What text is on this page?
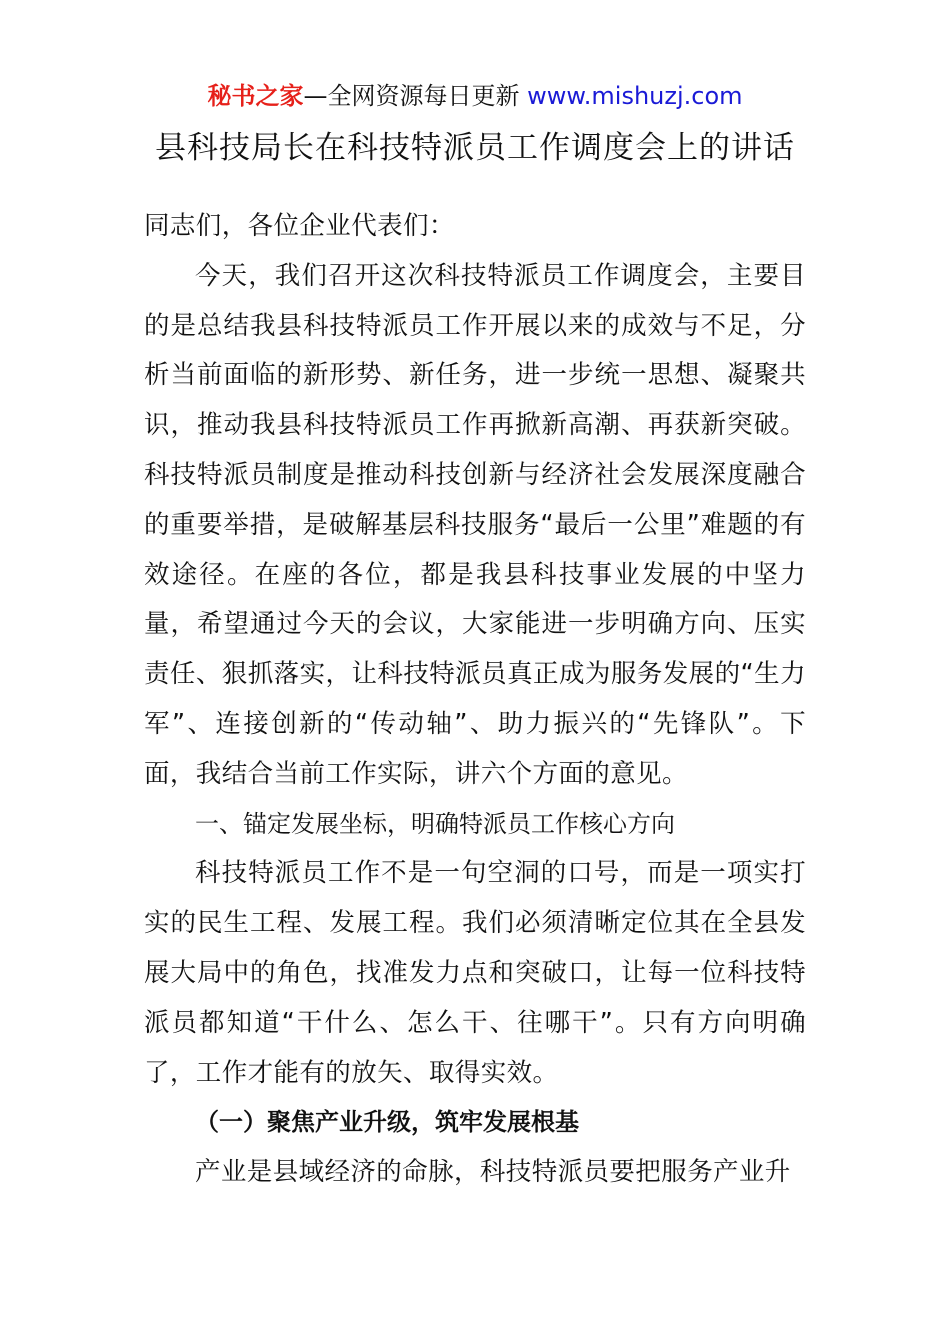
秘书之家—全网资源每日更新 www.mishuzj.com
县科技局长在科技特派员工作调度会上的讲话

同志们，各位企业代表们：

今天，我们召开这次科技特派员工作调度会，主要目的是总结我县科技特派员工作开展以来的成效与不足，分析当前面临的新形势、新任务，进一步统一思想、凝聚共识，推动我县科技特派员工作再掀新高潮、再获新突破。科技特派员制度是推动科技创新与经济社会发展深度融合的重要举措，是破解基层科技服务“最后一公里”难题的有效途径。在座的各位，都是我县科技事业发展的中坚力量，希望通过今天的会议，大家能进一步明确方向、压实责任、狠抓落实，让科技特派员真正成为服务发展的“生力军”、连接创新的“传动轴”、助力振兴的“先锋队”。下面，我结合当前工作实际，讲六个方面的意见。

一、锚定发展坐标，明确特派员工作核心方向

科技特派员工作不是一句空洞的口号，而是一项实打实的民生工程、发展工程。我们必须清晰定位其在全县发展大局中的角色，找准发力点和突破口，让每一位科技特派员都知道“干什么、怎么干、往哪干”。只有方向明确了，工作才能有的放矢、取得实效。

（一）聚焦产业升级，筑牢发展根基

产业是县域经济的命脉，科技特派员要把服务产业升
